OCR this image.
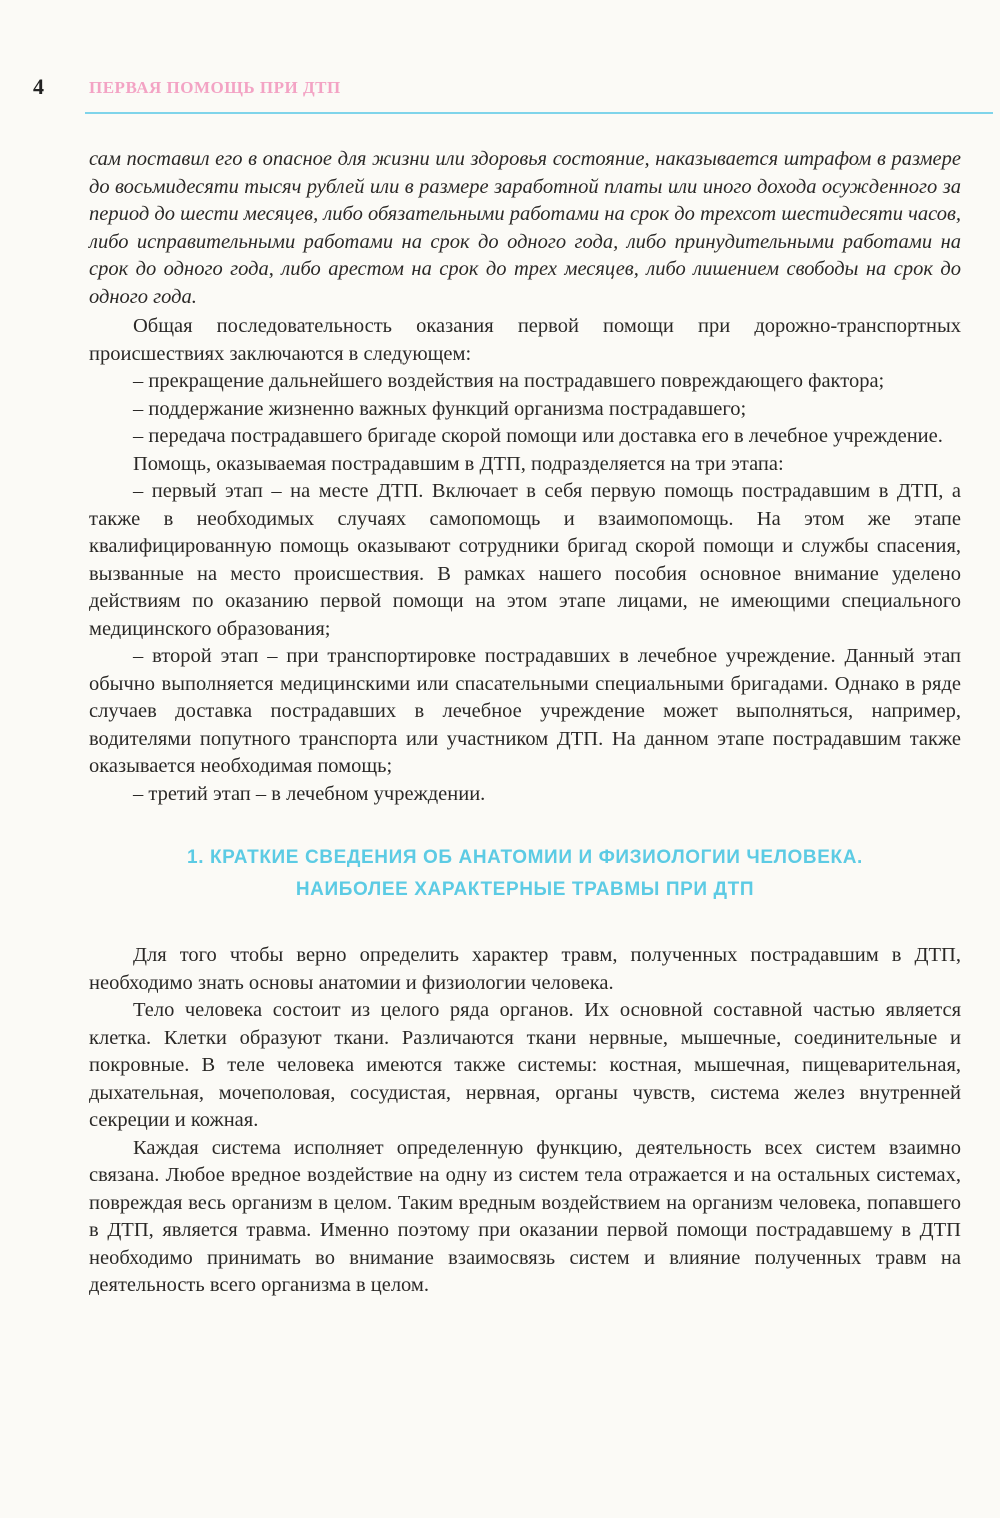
4	ПЕРВАЯ ПОМОЩЬ ПРИ ДТП

сам поставил его в опасное для жизни или здоровья состояние, наказывается штрафом в размере до восьмидесяти тысяч рублей или в размере заработной платы или иного дохода осужденного за период до шести месяцев, либо обязательными работами на срок до трехсот шестидесяти часов, либо исправительными работами на срок до одного года, либо принудительными работами на срок до одного года, либо арестом на срок до трех месяцев, либо лишением свободы на срок до одного года.

Общая последовательность оказания первой помощи при дорожно-транспортных происшествиях заключаются в следующем:

– прекращение дальнейшего воздействия на пострадавшего повреждающего фактора;

– поддержание жизненно важных функций организма пострадавшего;

– передача пострадавшего бригаде скорой помощи или доставка его в лечебное учреждение.

Помощь, оказываемая пострадавшим в ДТП, подразделяется на три этапа:

– первый этап – на месте ДТП. Включает в себя первую помощь пострадавшим в ДТП, а также в необходимых случаях самопомощь и взаимопомощь. На этом же этапе квалифицированную помощь оказывают сотрудники бригад скорой помощи и службы спасения, вызванные на место происшествия. В рамках нашего пособия основное внимание уделено действиям по оказанию первой помощи на этом этапе лицами, не имеющими специального медицинского образования;

– второй этап – при транспортировке пострадавших в лечебное учреждение. Данный этап обычно выполняется медицинскими или спасательными специальными бригадами. Однако в ряде случаев доставка пострадавших в лечебное учреждение может выполняться, например, водителями попутного транспорта или участником ДТП. На данном этапе пострадавшим также оказывается необходимая помощь;

– третий этап – в лечебном учреждении.

1. КРАТКИЕ СВЕДЕНИЯ ОБ АНАТОМИИ И ФИЗИОЛОГИИ ЧЕЛОВЕКА.
НАИБОЛЕЕ ХАРАКТЕРНЫЕ ТРАВМЫ ПРИ ДТП

Для того чтобы верно определить характер травм, полученных пострадавшим в ДТП, необходимо знать основы анатомии и физиологии человека.

Тело человека состоит из целого ряда органов. Их основной составной частью является клетка. Клетки образуют ткани. Различаются ткани нервные, мышечные, соединительные и покровные. В теле человека имеются также системы: костная, мышечная, пищеварительная, дыхательная, мочеполовая, сосудистая, нервная, органы чувств, система желез внутренней секреции и кожная.

Каждая система исполняет определенную функцию, деятельность всех систем взаимно связана. Любое вредное воздействие на одну из систем тела отражается и на остальных системах, повреждая весь организм в целом. Таким вредным воздействием на организм человека, попавшего в ДТП, является травма. Именно поэтому при оказании первой помощи пострадавшему в ДТП необходимо принимать во внимание взаимосвязь систем и влияние полученных травм на деятельность всего организма в целом.
